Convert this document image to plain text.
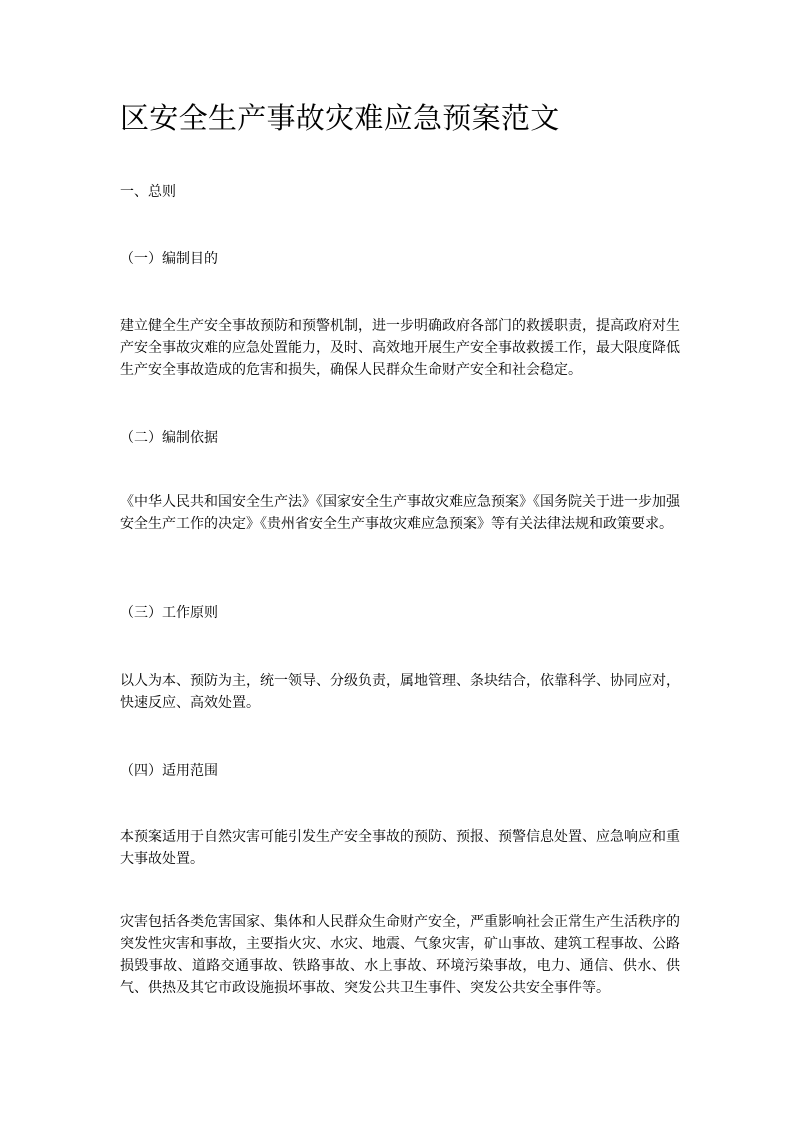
区安全生产事故灾难应急预案范文

一、总则

（一）编制目的

建立健全生产安全事故预防和预警机制，进一步明确政府各部门的救援职责，提高政府对生产安全事故灾难的应急处置能力，及时、高效地开展生产安全事故救援工作，最大限度降低生产安全事故造成的危害和损失，确保人民群众生命财产安全和社会稳定。

（二）编制依据

《中华人民共和国安全生产法》《国家安全生产事故灾难应急预案》《国务院关于进一步加强安全生产工作的决定》《贵州省安全生产事故灾难应急预案》等有关法律法规和政策要求。

（三）工作原则

以人为本、预防为主，统一领导、分级负责，属地管理、条块结合，依靠科学、协同应对，快速反应、高效处置。

（四）适用范围

本预案适用于自然灾害可能引发生产安全事故的预防、预报、预警信息处置、应急响应和重大事故处置。

灾害包括各类危害国家、集体和人民群众生命财产安全，严重影响社会正常生产生活秩序的突发性灾害和事故，主要指火灾、水灾、地震、气象灾害，矿山事故、建筑工程事故、公路损毁事故、道路交通事故、铁路事故、水上事故、环境污染事故，电力、通信、供水、供气、供热及其它市政设施损坏事故、突发公共卫生事件、突发公共安全事件等。
